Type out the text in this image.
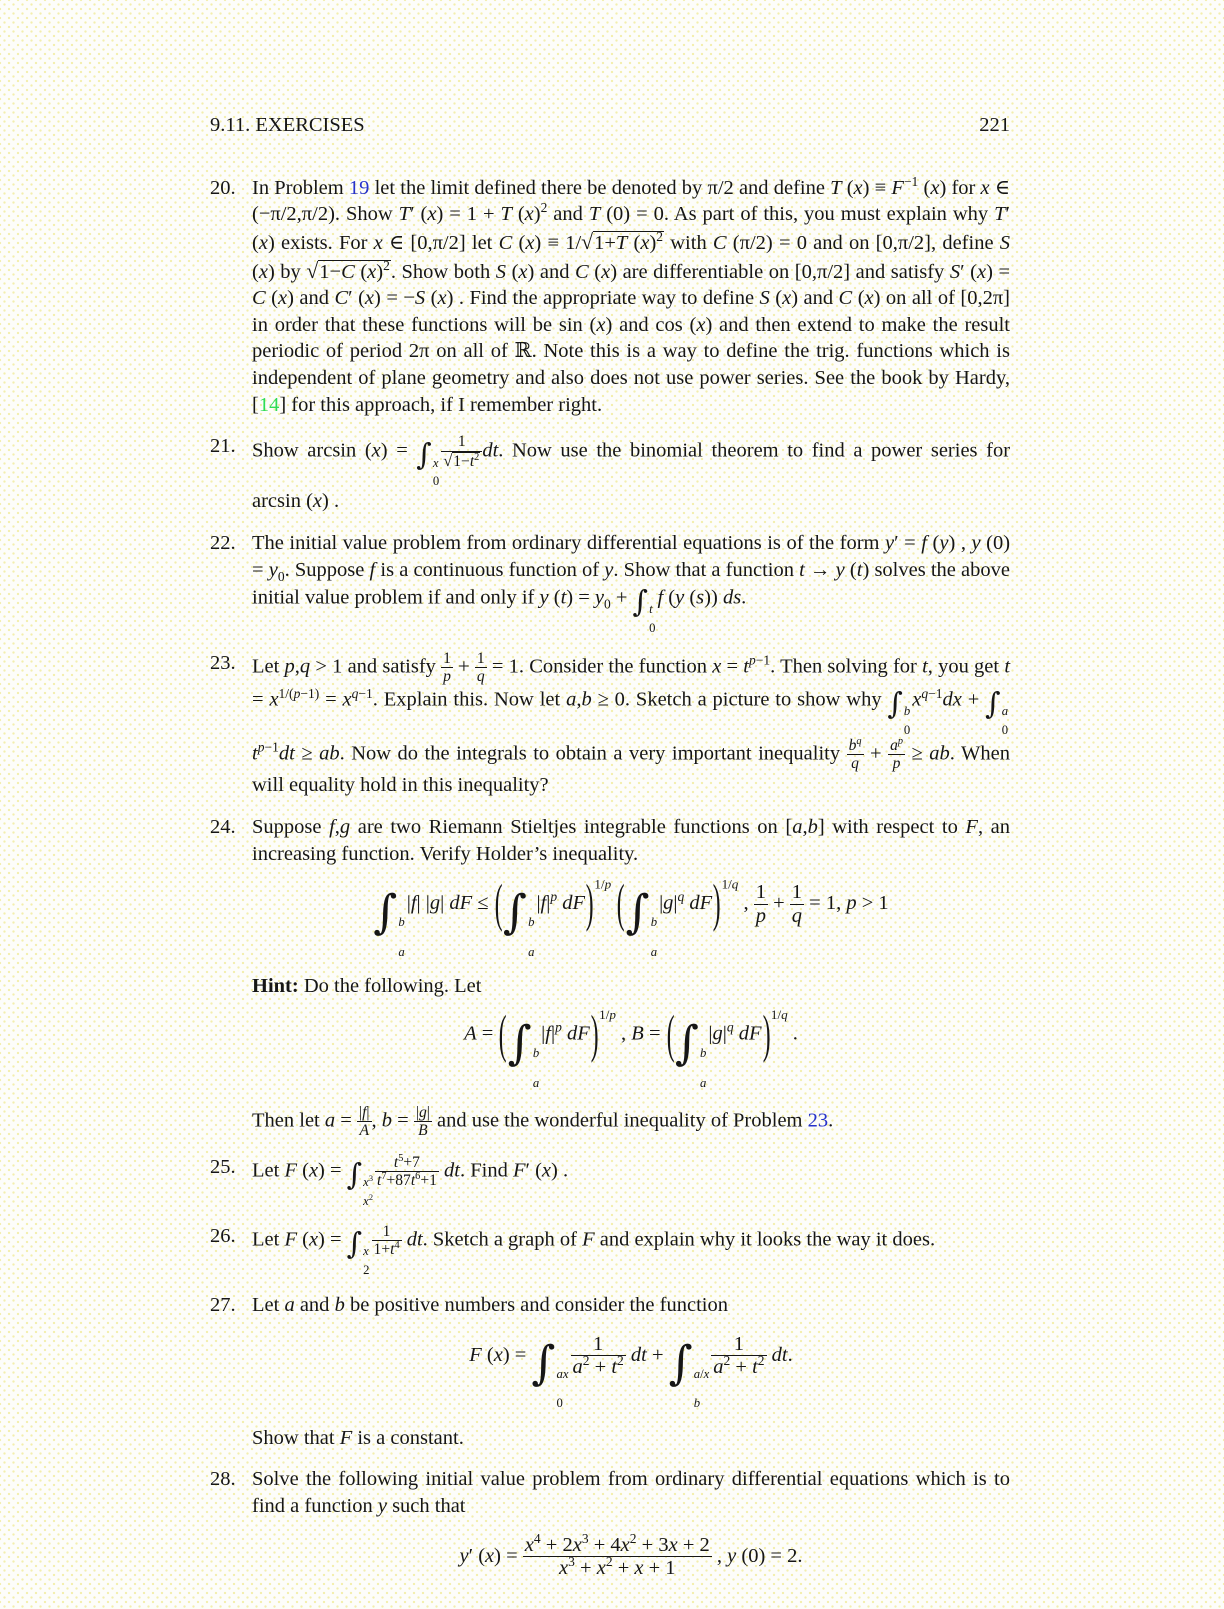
9.11. EXERCISES	221
20. In Problem 19 let the limit defined there be denoted by π/2 and define T $(x) \equiv F^{-1}$ (x) for x ∈ (−π/2,π/2). Show T′ (x) = 1 + T $(x)^2$ and T (0) = 0. As part of this, you must explain why T′ (x) exists. For x ∈ [0,π/2] let C (x) ≡ 1/√1+T $(x)^2$ with C (π/2) = 0 and on [0,π/2], define S (x) by √1−C $(x)^2$. Show both S (x) and C (x) are differentiable on [0,π/2] and satisfy S′ (x) = C (x) and C′ (x) = −S (x) . Find the appropriate way to define S (x) and C (x) on all of [0,2π] in order that these functions will be sin (x) and cos (x) and then extend to make the result periodic of period 2π on all of ℝ. Note this is a way to define the trig. functions which is independent of plane geometry and also does not use power series. See the book by Hardy, [14] for this approach, if I remember right.
21. Show arcsin (x) = ∫ x
0
$\frac{1}{√1-t^2}$ dt. Now use the binomial theorem to find a power series for arcsin (x) .
22. The initial value problem from ordinary differential equations is of the form y′ = f (y) , y $(0) = y_0$. Suppose f is a continuous function of y. Show that a function t → y (t) solves the above initial value problem if and only if y $(t) = y_0$ + ∫ t
0
f (y (s)) ds.
23. Let p,q > 1 and satisfy $\frac{1}{p} + \frac{1}{q} = 1$. Consider the function $x = t^{p-1}$. Then solving for t, you get $t = x^{1/(p-1)} = x^{q-1}$. Explain this. Now let a,b ≥ 0. Sketch a picture to show why ∫ b
0
$x^{q-1}dx$ + ∫ a
0
$t^{p-1}dt$ ≥ ab. Now do the integrals to obtain a very important inequality $\frac{b^q}{q} + \frac{a^p}{p}$ ≥ ab. When will equality hold in this inequality?
24. Suppose f,g are two Riemann Stieltjes integrable functions on [a,b] with respect to F, an increasing function. Verify Holder’s inequality.
∫ b
a
|f| |g| dF ≤ (∫ b
a
$|f|^p$ dF)$^{1/p}$ (∫ b
a
$|g|^q$ dF)$^{1/q}$ , $\frac{1}{p} + \frac{1}{q} = 1$, p > 1
Hint: Do the following. Let
A = (∫ b
a
$|f|^p$ dF)$^{1/p}$ , B = (∫ b
a
$|g|^q$ dF)$^{1/q}$ .
Then let $a = \frac{|f|}{A}$ , $b = \frac{|g|}{B}$ and use the wonderful inequality of Problem 23.
25. Let F (x) = ∫ $x^3$
$x^2$
$\frac{t^5+7}{t^7+87t^6+1}$ dt. Find F′ (x) .
26. Let F (x) = ∫ x
2
$\frac{1}{1+t^4}$ dt. Sketch a graph of F and explain why it looks the way it does.
27. Let a and b be positive numbers and consider the function
F (x) = ∫ ax
0
$\frac{1}{a^2 + t^2}$ dt + ∫ a/x
b
$\frac{1}{a^2 + t^2}$ dt.
Show that F is a constant.
28. Solve the following initial value problem from ordinary differential equations which is to find a function y such that
y′ $(x) = \frac{x^4 + 2x^3 + 4x^2 + 3x + 2}{x^3 + x^2 + x + 1}$ , y (0) = 2.
